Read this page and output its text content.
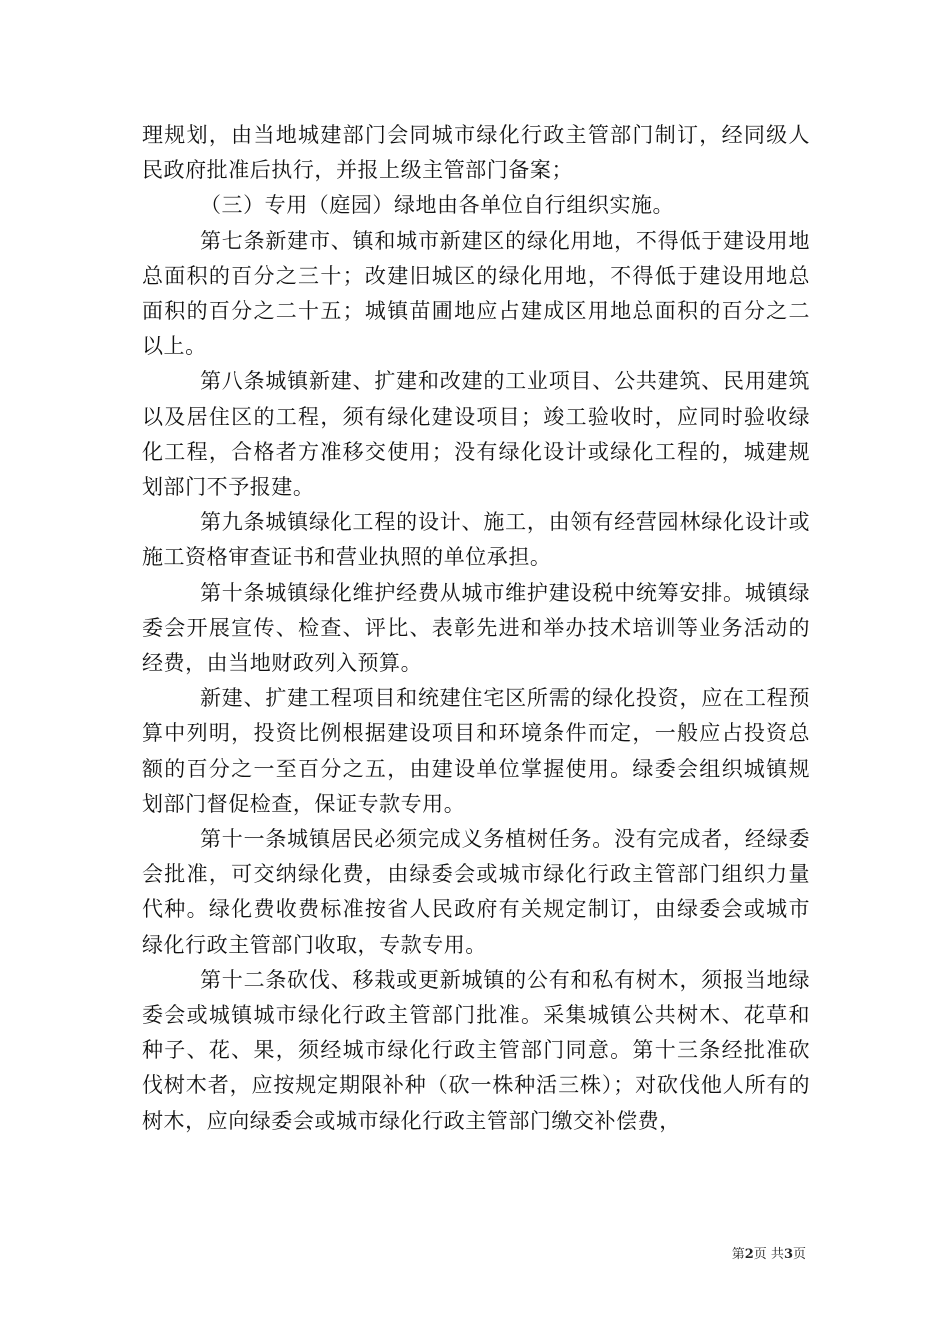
理规划，由当地城建部门会同城市绿化行政主管部门制订，经同级人民政府批准后执行，并报上级主管部门备案；

（三）专用（庭园）绿地由各单位自行组织实施。

第七条新建市、镇和城市新建区的绿化用地，不得低于建设用地总面积的百分之三十；改建旧城区的绿化用地，不得低于建设用地总面积的百分之二十五；城镇苗圃地应占建成区用地总面积的百分之二以上。

第八条城镇新建、扩建和改建的工业项目、公共建筑、民用建筑以及居住区的工程，须有绿化建设项目；竣工验收时，应同时验收绿化工程，合格者方准移交使用；没有绿化设计或绿化工程的，城建规划部门不予报建。

第九条城镇绿化工程的设计、施工，由领有经营园林绿化设计或施工资格审查证书和营业执照的单位承担。

第十条城镇绿化维护经费从城市维护建设税中统筹安排。城镇绿委会开展宣传、检查、评比、表彰先进和举办技术培训等业务活动的经费，由当地财政列入预算。

新建、扩建工程项目和统建住宅区所需的绿化投资，应在工程预算中列明，投资比例根据建设项目和环境条件而定，一般应占投资总额的百分之一至百分之五，由建设单位掌握使用。绿委会组织城镇规划部门督促检查，保证专款专用。

第十一条城镇居民必须完成义务植树任务。没有完成者，经绿委会批准，可交纳绿化费，由绿委会或城市绿化行政主管部门组织力量代种。绿化费收费标准按省人民政府有关规定制订，由绿委会或城市绿化行政主管部门收取，专款专用。

第十二条砍伐、移栽或更新城镇的公有和私有树木，须报当地绿委会或城镇城市绿化行政主管部门批准。采集城镇公共树木、花草和种子、花、果，须经城市绿化行政主管部门同意。第十三条经批准砍伐树木者，应按规定期限补种（砍一株种活三株）；对砍伐他人所有的树木，应向绿委会或城市绿化行政主管部门缴交补偿费，

第2页 共3页
